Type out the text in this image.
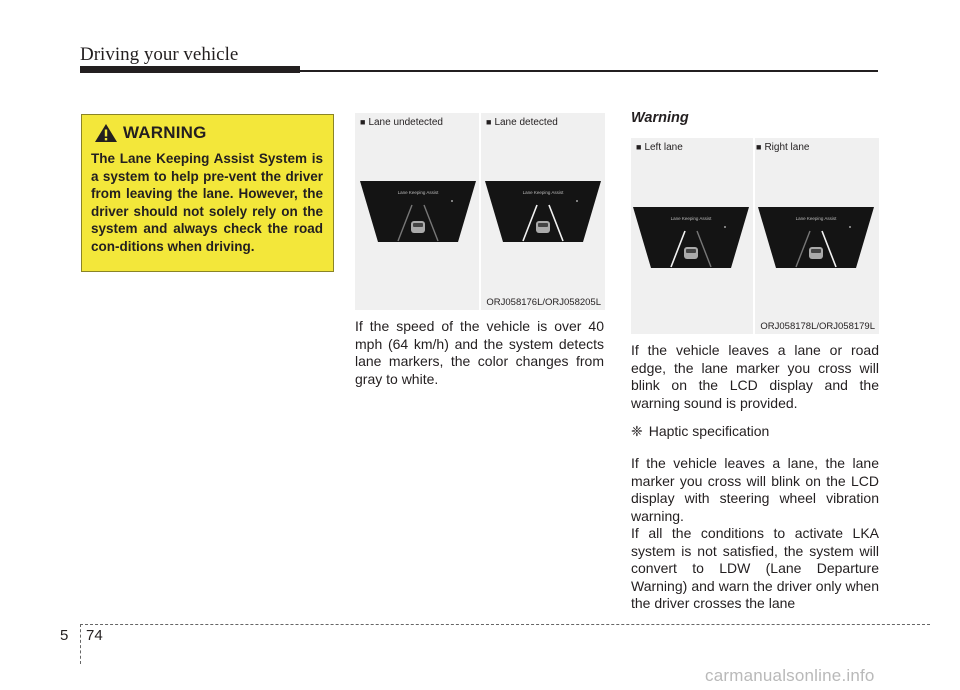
Driving your vehicle
WARNING
The Lane Keeping Assist System is a system to help pre-vent the driver from leaving the lane. However, the driver should not solely rely on the system and always check the road con-ditions when driving.
■ Lane undetected	■ Lane detected
Lane Keeping Assist	Lane Keeping Assist
ORJ058176L/ORJ058205L
If the speed of the vehicle is over 40 mph (64 km/h) and the system detects lane markers, the color changes from gray to white.
Warning
■ Left lane	■ Right lane
Lane Keeping Assist	Lane Keeping Assist
ORJ058178L/ORJ058179L
If the vehicle leaves a lane or road edge, the lane marker you cross will blink on the LCD display and the warning sound is provided.
❈ Haptic specification
If the vehicle leaves a lane, the lane marker you cross will blink on the LCD display with steering wheel vibration warning.
If all the conditions to activate LKA system is not satisfied, the system will convert to LDW (Lane Departure Warning) and warn the driver only when the driver crosses the lane
5 74
carmanualsonline.info
